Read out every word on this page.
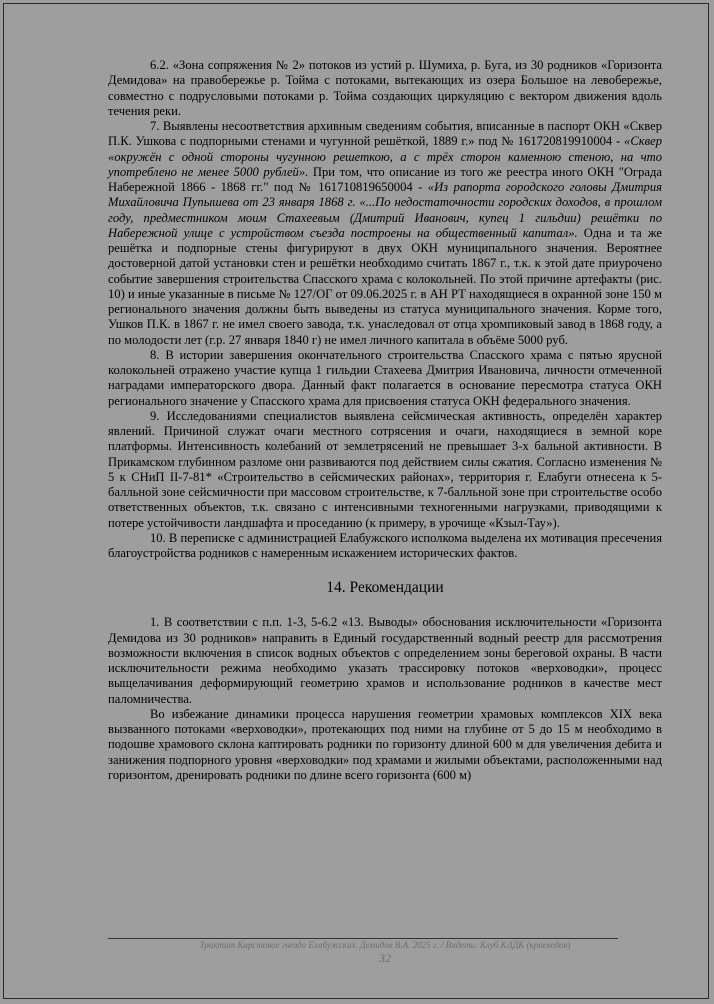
6.2. «Зона сопряжения № 2» потоков из устий р. Шумиха, р. Буга, из 30 родников «Горизонта Демидова» на правобережье р. Тойма с потоками, вытекающих из озера Большое на левобережье, совместно с подрусловыми потоками р. Тойма создающих циркуляцию с вектором движения вдоль течения реки.

7. Выявлены несоответствия архивным сведениям события, вписанные в паспорт ОКН «Сквер П.К. Ушкова с подпорными стенами и чугунной решёткой, 1889 г.» под № 161720819910004 - «Сквер «окружён с одной стороны чугунною решеткою, а с трёх сторон каменною стеною, на что употреблено не менее 5000 рублей». При том, что описание из того же реестра иного ОКН "Ограда Набережной 1866 - 1868 гг." под № 161710819650004 - «Из рапорта городского головы Дмитрия Михайловича Пупышева от 23 января 1868 г. «...По недостаточности городских доходов, в прошлом году, предместником моим Стахеевым (Дмитрий Иванович, купец 1 гильдии) решётки по Набережной улице с устройством съезда построены на общественный капитал». Одна и та же решётка и подпорные стены фигурируют в двух ОКН муниципального значения. Вероятнее достоверной датой установки стен и решётки необходимо считать 1867 г., т.к. к этой дате приурочено событие завершения строительства Спасского храма с колокольней. По этой причине артефакты (рис. 10) и иные указанные в письме № 127/ОГ от 09.06.2025 г. в АН РТ находящиеся в охранной зоне 150 м регионального значения должны быть выведены из статуса муниципального значения. Корме того, Ушков П.К. в 1867 г. не имел своего завода, т.к. унаследовал от отца хромпиковый завод в 1868 году, а по молодости лет (г.р. 27 января 1840 г) не имел личного капитала в объёме 5000 руб.

8. В истории завершения окончательного строительства Спасского храма с пятью ярусной колокольней отражено участие купца 1 гильдии Стахеева Дмитрия Ивановича, личности отмеченной наградами императорского двора. Данный факт полагается в основание пересмотра статуса ОКН регионального значение у Спасского храма для присвоения статуса ОКН федерального значения.

9. Исследованиями специалистов выявлена сейсмическая активность, определён характер явлений. Причиной служат очаги местного сотрясения и очаги, находящиеся в земной коре платформы. Интенсивность колебаний от землетрясений не превышает 3-х бальной активности. В Прикамском глубинном разломе они развиваются под действием силы сжатия. Согласно изменения № 5 к СНиП II-7-81* «Строительство в сейсмических районах», территория г. Елабуги отнесена к 5-балльной зоне сейсмичности при массовом строительстве, к 7-балльной зоне при строительстве особо ответственных объектов, т.к. связано с интенсивными техногенными нагрузками, приводящими к потере устойчивости ландшафта и проседанию (к примеру, в урочище «Кзыл-Тау»).

10. В переписке с администрацией Елабужского исполкома выделена их мотивация пресечения благоустройства родников с намеренным искажением исторических фактов.

14. Рекомендации

1. В соответствии с п.п. 1-3, 5-6.2 «13. Выводы» обоснования исключительности «Горизонта Демидова из 30 родников» направить в Единый государственный водный реестр для рассмотрения возможности включения в список водных объектов с определением зоны береговой охраны. В части исключительности режима необходимо указать трассировку потоков «верховодки», процесс выщелачивания деформирующий геометрию храмов и использование родников в качестве мест паломничества.

Во избежание динамики процесса нарушения геометрии храмовых комплексов XIX века вызванного потоками «верховодки», протекающих под ними на глубине от 5 до 15 м необходимо в подошве храмового склона каптировать родники по горизонту длиной 600 м для увеличения дебита и занижения подпорного уровня «верховодки» под храмами и жилыми объектами, расположенными над горизонтом, дренировать родники по длине всего горизонта (600 м)

Трактат Карстовое гнездо Елабужских. Демидов В.А. 2025 г. / Видеть: Клуб КЛДК (краеведов)
32
